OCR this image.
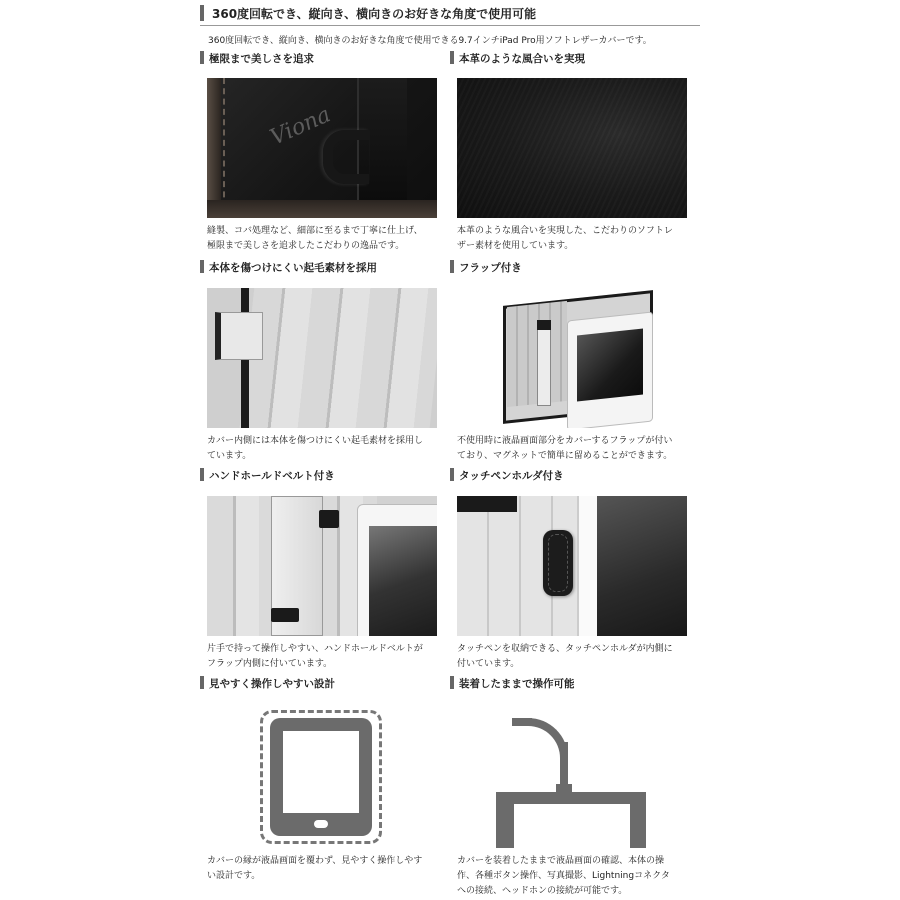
360度回転でき、縦向き、横向きのお好きな角度で使用可能
360度回転でき、縦向き、横向きのお好きな角度で使用できる9.7インチiPad Pro用ソフトレザーカバーです。
極限まで美しさを追求
Viona
縫製、コバ処理など、細部に至るまで丁寧に仕上げ、
極限まで美しさを追求したこだわりの逸品です。
本革のような風合いを実現
本革のような風合いを実現した、こだわりのソフトレ
ザー素材を使用しています。
本体を傷つけにくい起毛素材を採用
カバー内側には本体を傷つけにくい起毛素材を採用し
ています。
フラップ付き
不使用時に液晶画面部分をカバーするフラップが付い
ており、マグネットで簡単に留めることができます。
ハンドホールドベルト付き
片手で持って操作しやすい、ハンドホールドベルトが
フラップ内側に付いています。
タッチペンホルダ付き
タッチペンを収納できる、タッチペンホルダが内側に
付いています。
見やすく操作しやすい設計
カバーの縁が液晶画面を覆わず、見やすく操作しやす
い設計です。
装着したままで操作可能
カバーを装着したままで液晶画面の確認、本体の操
作、各種ボタン操作、写真撮影、Lightningコネクタ
への接続、ヘッドホンの接続が可能です。
